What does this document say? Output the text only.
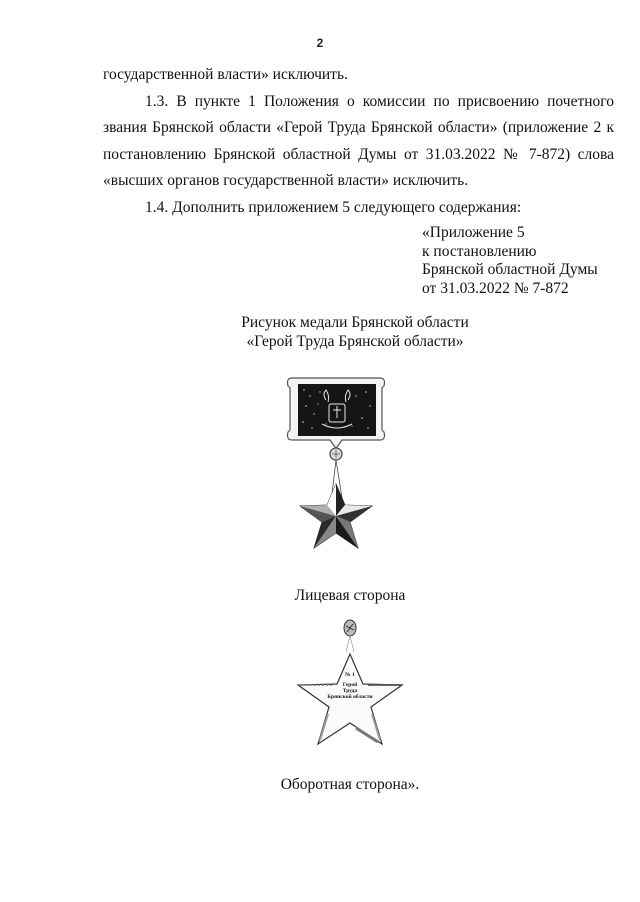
2

государственной власти» исключить.

1.3. В пункте 1 Положения о комиссии по присвоению почетного звания Брянской области «Герой Труда Брянской области» (приложение 2 к постановлению Брянской областной Думы от 31.03.2022 № 7-872) слова «высших органов государственной власти» исключить.

1.4. Дополнить приложением 5 следующего содержания:

«Приложение 5
к постановлению
Брянской областной Думы
от 31.03.2022 № 7-872
Рисунок медали Брянской области
«Герой Труда Брянской области»
Лицевая сторона
№ 1
Герой
Труда
Брянской области
Оборотная сторона».
